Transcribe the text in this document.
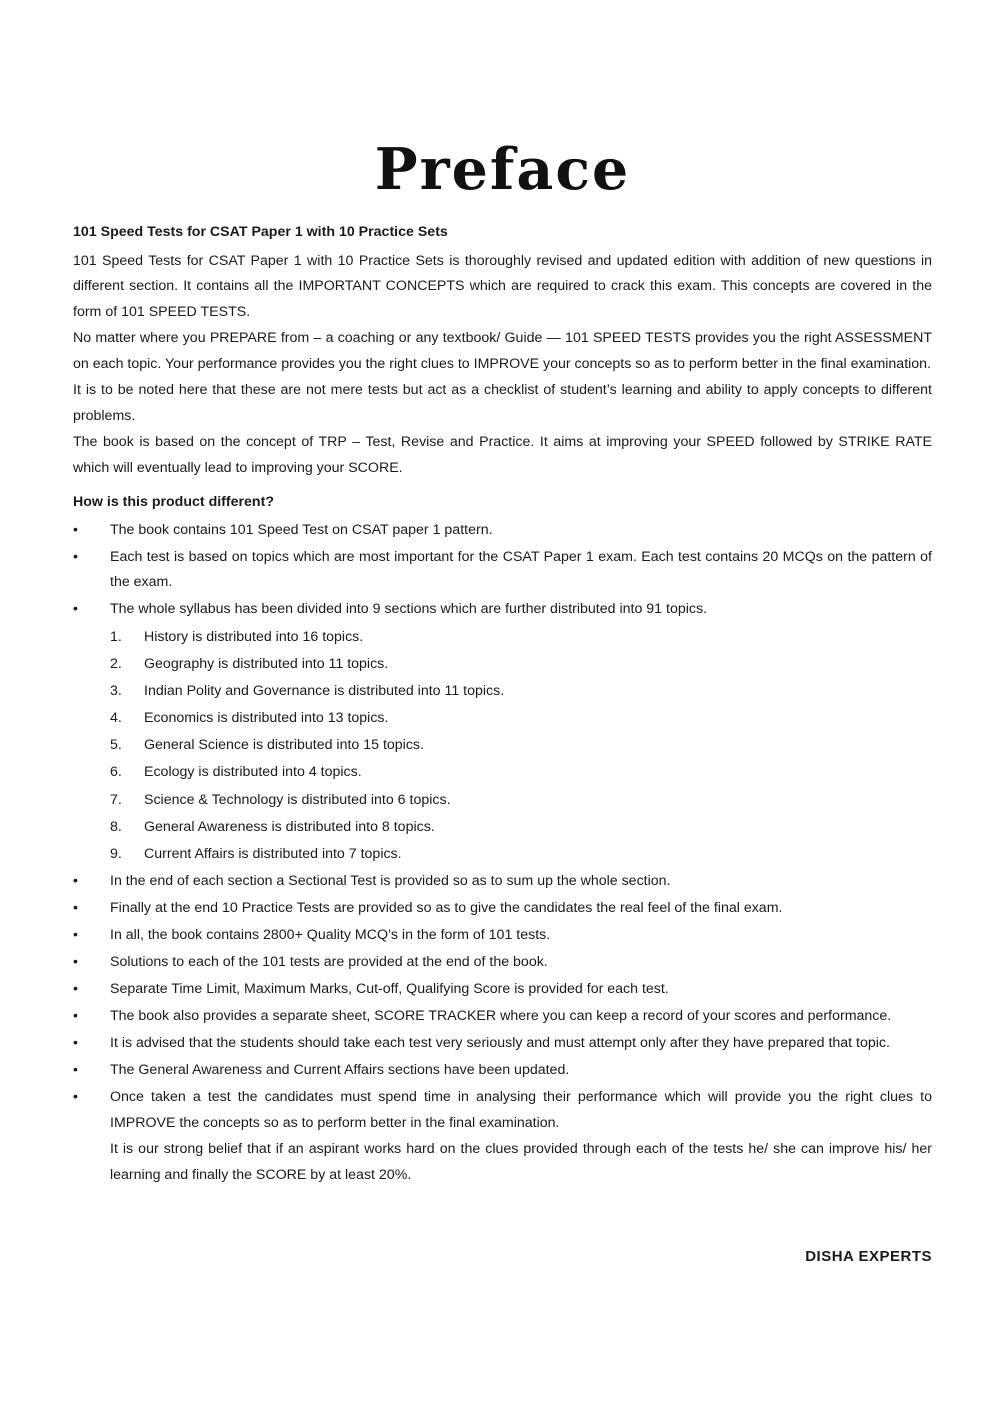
Preface

101 Speed Tests for CSAT Paper 1 with 10 Practice Sets

101 Speed Tests for CSAT Paper 1 with 10 Practice Sets is thoroughly revised and updated edition with addition of new questions in different section. It contains all the IMPORTANT CONCEPTS which are required to crack this exam. This concepts are covered in the form of 101 SPEED TESTS.

No matter where you PREPARE from – a coaching or any textbook/ Guide — 101 SPEED TESTS provides you the right ASSESSMENT on each topic. Your performance provides you the right clues to IMPROVE your concepts so as to perform better in the final examination.

It is to be noted here that these are not mere tests but act as a checklist of student’s learning and ability to apply concepts to different problems.

The book is based on the concept of TRP – Test, Revise and Practice. It aims at improving your SPEED followed by STRIKE RATE which will eventually lead to improving your SCORE.

How is this product different?

•	The book contains 101 Speed Test on CSAT paper 1 pattern.
•	Each test is based on topics which are most important for the CSAT Paper 1 exam. Each test contains 20 MCQs on the pattern of the exam.
•	The whole syllabus has been divided into 9 sections which are further distributed into 91 topics.
1. History is distributed into 16 topics.
2. Geography is distributed into 11 topics.
3. Indian Polity and Governance is distributed into 11 topics.
4. Economics is distributed into 13 topics.
5. General Science is distributed into 15 topics.
6. Ecology is distributed into 4 topics.
7. Science & Technology is distributed into 6 topics.
8. General Awareness is distributed into 8 topics.
9. Current Affairs is distributed into 7 topics.
•	In the end of each section a Sectional Test is provided so as to sum up the whole section.
•	Finally at the end 10 Practice Tests are provided so as to give the candidates the real feel of the final exam.
•	In all, the book contains 2800+ Quality MCQ’s in the form of 101 tests.
•	Solutions to each of the 101 tests are provided at the end of the book.
•	Separate Time Limit, Maximum Marks, Cut-off, Qualifying Score is provided for each test.
•	The book also provides a separate sheet, SCORE TRACKER where you can keep a record of your scores and performance.
•	It is advised that the students should take each test very seriously and must attempt only after they have prepared that topic.
•	The General Awareness and Current Affairs sections have been updated.
•	Once taken a test the candidates must spend time in analysing their performance which will provide you the right clues to IMPROVE the concepts so as to perform better in the final examination.

It is our strong belief that if an aspirant works hard on the clues provided through each of the tests he/ she can improve his/ her learning and finally the SCORE by at least 20%.

DISHA EXPERTS
